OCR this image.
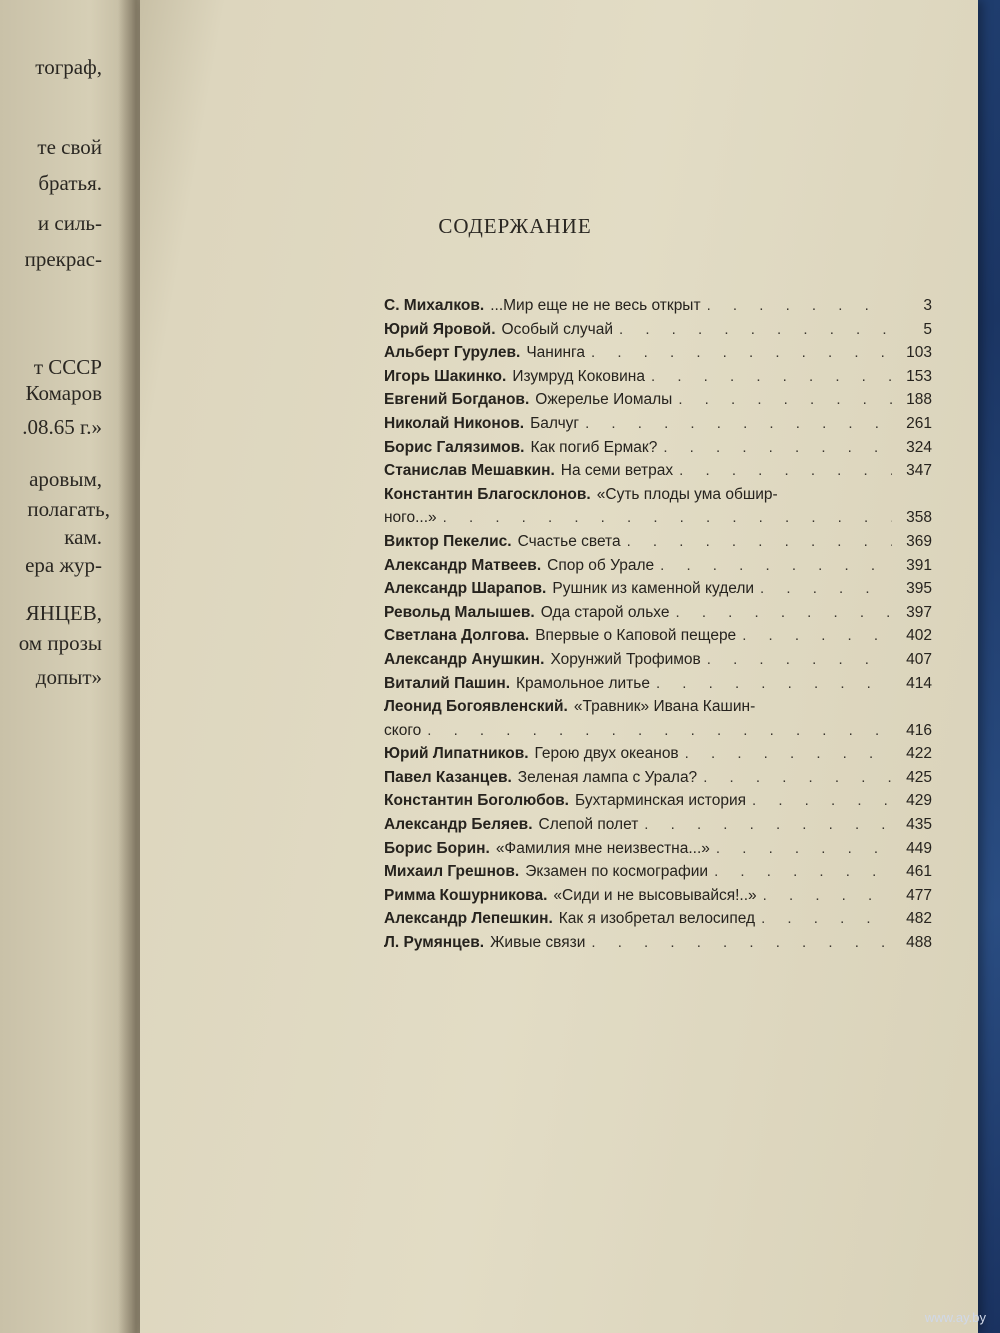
тограф,
те свой
братья.
и силь-
прекрас-
т СССР
Комаров
.08.65 г.»
аровым,
полагать,
кам.
ера жур-
ЯНЦЕВ,
ом прозы
допыт»
СОДЕРЖАНИЕ
С. Михалков. ...Мир еще не не весь открыт . . .	3
Юрий Яровой. Особый случай . . .	5
Альберт Гурулев. Чанинга . . .	103
Игорь Шакинко. Изумруд Коковина . . .	153
Евгений Богданов. Ожерелье Иомалы . . .	188
Николай Никонов. Балчуг . . .	261
Борис Галязимов. Как погиб Ермак? . . .	324
Станислав Мешавкин. На семи ветрах . . .	347
Константин Благосклонов. «Суть плоды ума обшир-
ного...» . . .	358
Виктор Пекелис. Счастье света . . .	369
Александр Матвеев. Спор об Урале . . .	391
Александр Шарапов. Рушник из каменной кудели . . .	395
Револьд Малышев. Ода старой ольхе . . .	397
Светлана Долгова. Впервые о Каповой пещере . . .	402
Александр Анушкин. Хорунжий Трофимов . . .	407
Виталий Пашин. Крамольное литье . . .	414
Леонид Богоявленский. «Травник» Ивана Кашин-
ского . . .	416
Юрий Липатников. Герою двух океанов . . .	422
Павел Казанцев. Зеленая лампа с Урала? . . .	425
Константин Боголюбов. Бухтарминская история . . .	429
Александр Беляев. Слепой полет . . .	435
Борис Борин. «Фамилия мне неизвестна...» . . .	449
Михаил Грешнов. Экзамен по космографии . . .	461
Римма Кошурникова. «Сиди и не высовывайся!..» . . .	477
Александр Лепешкин. Как я изобретал велосипед . . .	482
Л. Румянцев. Живые связи . . .	488
www.ay.by
